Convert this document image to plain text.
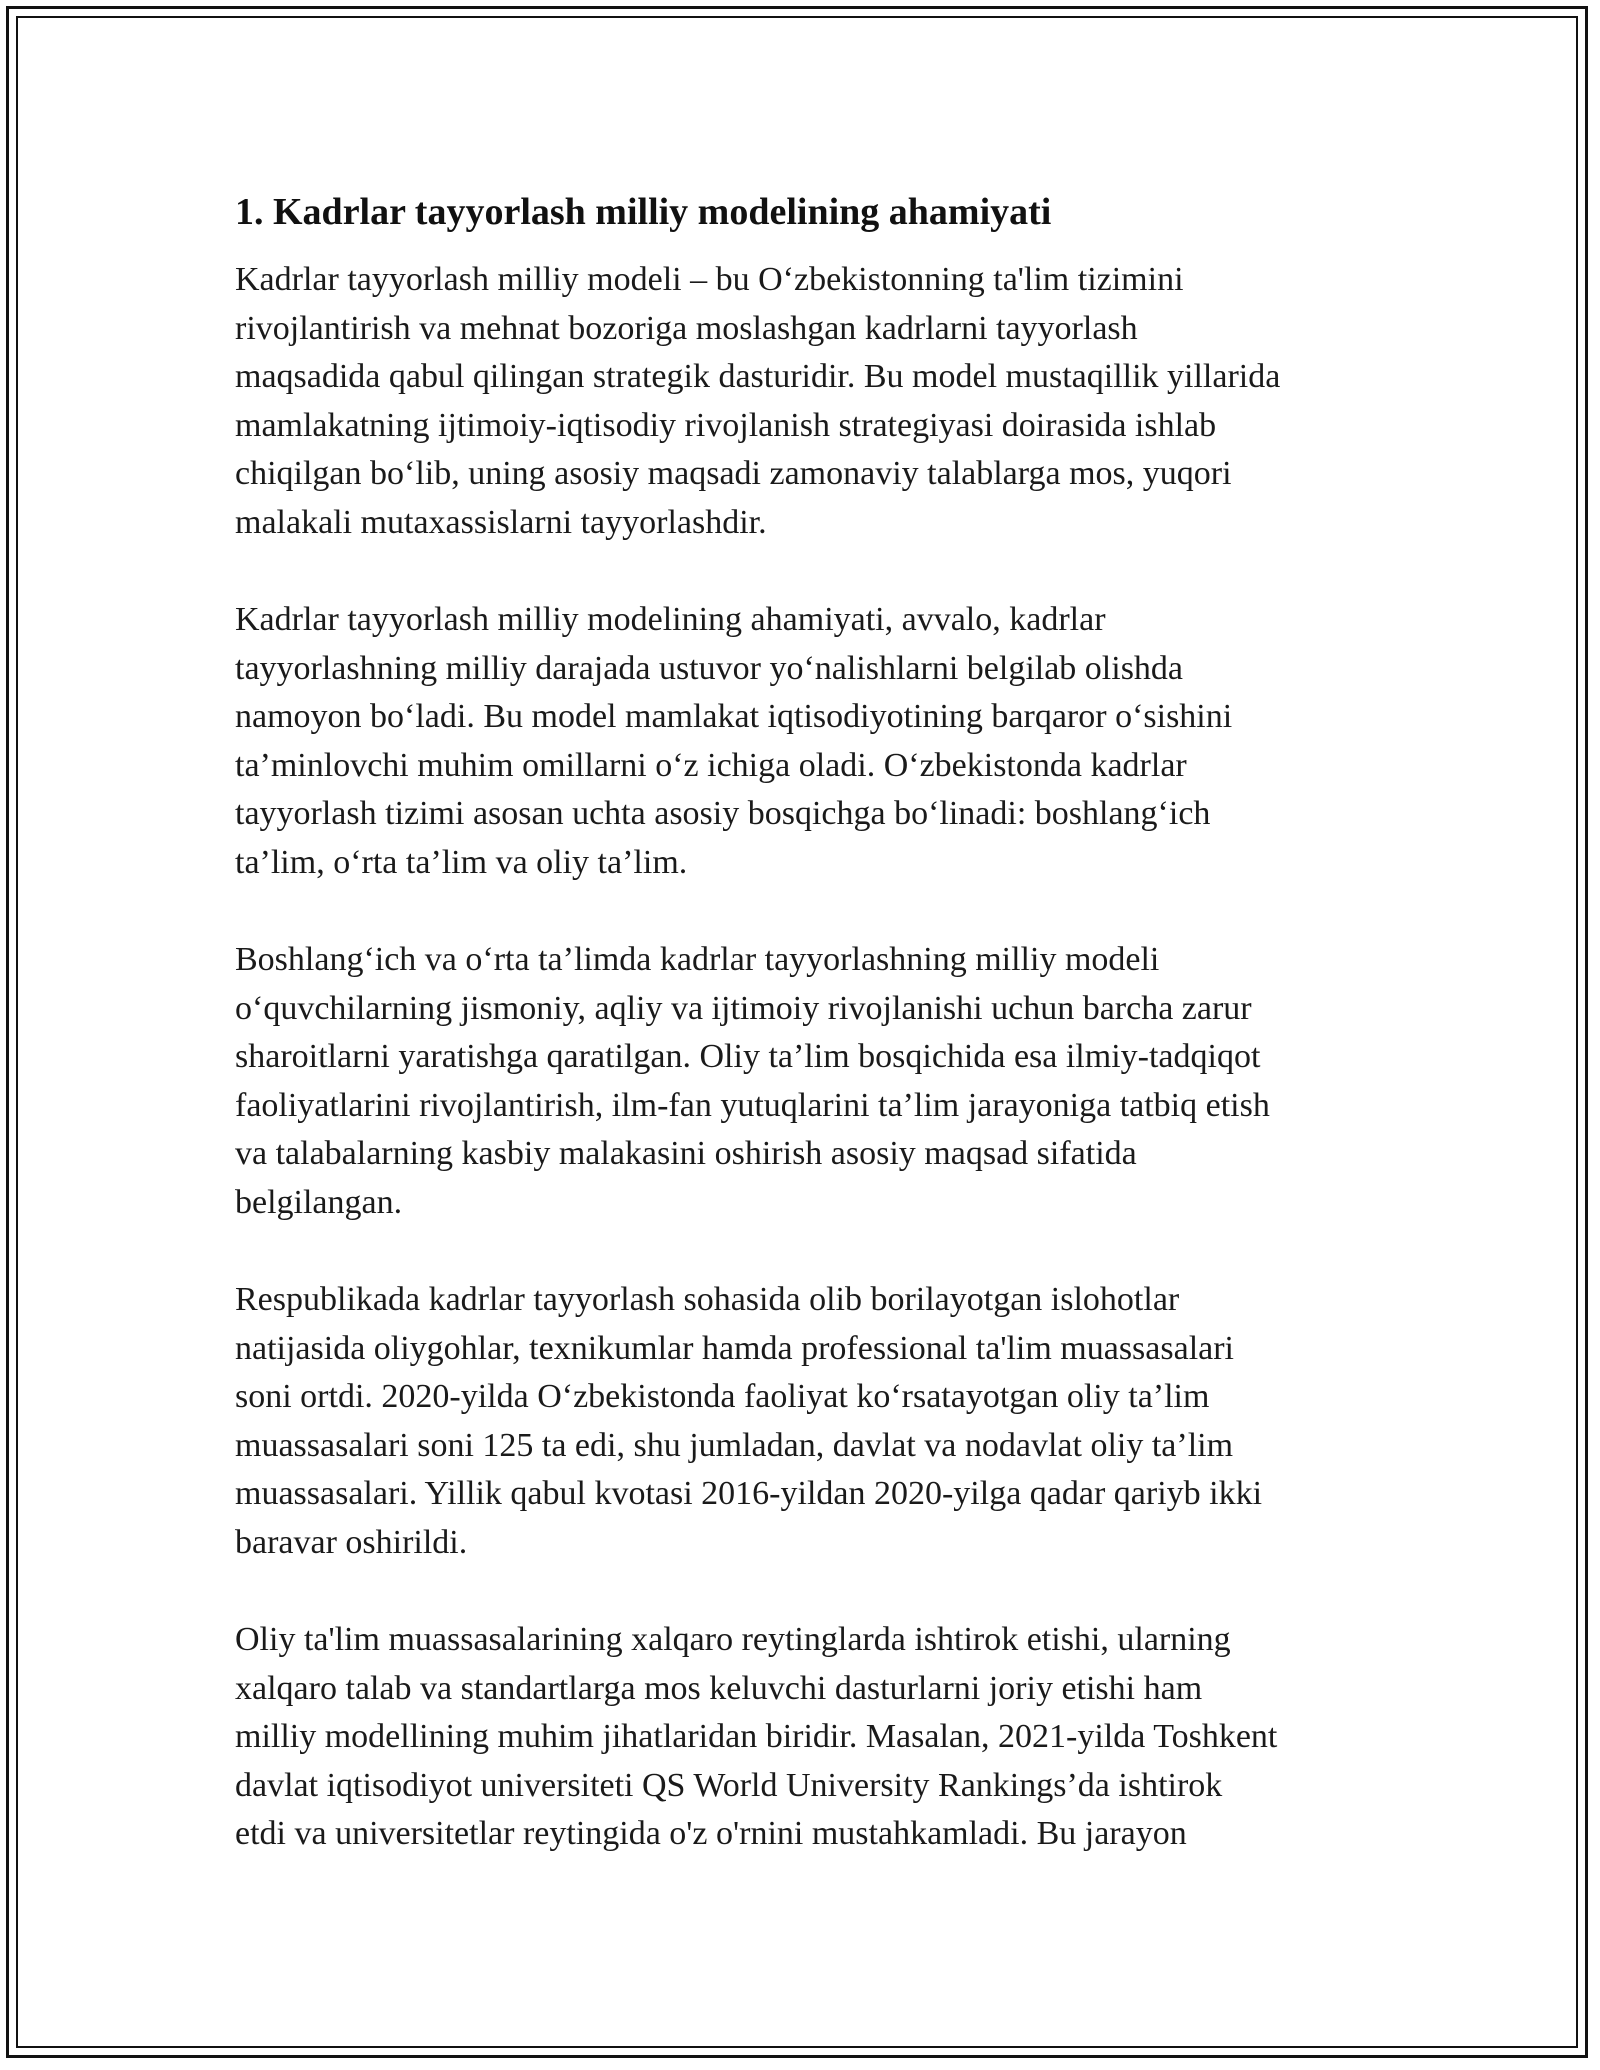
1. Kadrlar tayyorlash milliy modelining ahamiyati

Kadrlar tayyorlash milliy modeli – bu O‘zbekistonning ta'lim tizimini
rivojlantirish va mehnat bozoriga moslashgan kadrlarni tayyorlash
maqsadida qabul qilingan strategik dasturidir. Bu model mustaqillik yillarida
mamlakatning ijtimoiy-iqtisodiy rivojlanish strategiyasi doirasida ishlab
chiqilgan bo‘lib, uning asosiy maqsadi zamonaviy talablarga mos, yuqori
malakali mutaxassislarni tayyorlashdir.

Kadrlar tayyorlash milliy modelining ahamiyati, avvalo, kadrlar
tayyorlashning milliy darajada ustuvor yo‘nalishlarni belgilab olishda
namoyon bo‘ladi. Bu model mamlakat iqtisodiyotining barqaror o‘sishini
ta’minlovchi muhim omillarni o‘z ichiga oladi. O‘zbekistonda kadrlar
tayyorlash tizimi asosan uchta asosiy bosqichga bo‘linadi: boshlang‘ich
ta’lim, o‘rta ta’lim va oliy ta’lim.

Boshlang‘ich va o‘rta ta’limda kadrlar tayyorlashning milliy modeli
o‘quvchilarning jismoniy, aqliy va ijtimoiy rivojlanishi uchun barcha zarur
sharoitlarni yaratishga qaratilgan. Oliy ta’lim bosqichida esa ilmiy-tadqiqot
faoliyatlarini rivojlantirish, ilm-fan yutuqlarini ta’lim jarayoniga tatbiq etish
va talabalarning kasbiy malakasini oshirish asosiy maqsad sifatida
belgilangan.

Respublikada kadrlar tayyorlash sohasida olib borilayotgan islohotlar
natijasida oliygohlar, texnikumlar hamda professional ta'lim muassasalari
soni ortdi. 2020-yilda O‘zbekistonda faoliyat ko‘rsatayotgan oliy ta’lim
muassasalari soni 125 ta edi, shu jumladan, davlat va nodavlat oliy ta’lim
muassasalari. Yillik qabul kvotasi 2016-yildan 2020-yilga qadar qariyb ikki
baravar oshirildi.

Oliy ta'lim muassasalarining xalqaro reytinglarda ishtirok etishi, ularning
xalqaro talab va standartlarga mos keluvchi dasturlarni joriy etishi ham
milliy modellining muhim jihatlaridan biridir. Masalan, 2021-yilda Toshkent
davlat iqtisodiyot universiteti QS World University Rankings’da ishtirok
etdi va universitetlar reytingida o'z o'rnini mustahkamladi. Bu jarayon
